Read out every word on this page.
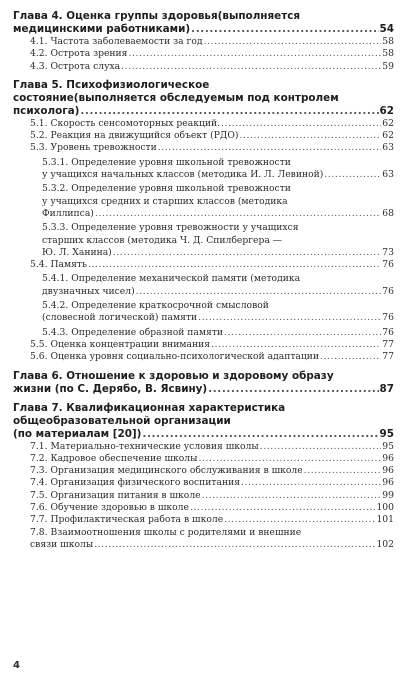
Глава 4. Оценка группы здоровья(выполняется
медицинскими работниками) .....	54
4.1. Частота заболеваемости за год .....	58
4.2. Острота зрения .....	58
4.3. Острота слуха .....	59
Глава 5. Психофизиологическое
состояние(выполняется обследуемым под контролем
психолога) .....	62
5.1. Скорость сенсомоторных реакций. .....	62
5.2. Реакция на движущийся объект (РДО) .....	62
5.3. Уровень тревожности .....	63
5.3.1. Определение уровня школьной тревожности
у учащихся начальных классов (методика И. Л. Левиной) .....	63
5.3.2. Определение уровня школьной тревожности
у учащихся средних и старших классов (методика
Филлипса) .....	68
5.3.3. Определение уровня тревожности у учащихся
старших классов (методика Ч. Д. Спилбергера —
Ю. Л. Ханина) .....	73
5.4. Память .....	76
5.4.1. Определение механической памяти (методика
двузначных чисел) .....	76
5.4.2. Определение краткосрочной смысловой
(словесной логической) памяти .....	76
5.4.3. Определение образной памяти .....	76
5.5. Оценка концентрации внимания .....	77
5.6. Оценка уровня социально-психологической адаптации .....	77
Глава 6. Отношение к здоровью и здоровому образу
жизни (по С. Дерябо, В. Ясвину) .....	87
Глава 7. Квалификационная характеристика
общеобразовательной организации
(по материалам [20]) .....	95
7.1. Материально-технические условия школы .....	95
7.2. Кадровое обеспечение школы .....	96
7.3. Организация медицинского обслуживания в школе .....	96
7.4. Организация физического воспитания .....	96
7.5. Организация питания в школе .....	99
7.6. Обучение здоровью в школе .....	100
7.7. Профилактическая работа в школе .....	101
7.8. Взаимоотношения школы с родителями и внешние
связи школы .....	102
4
